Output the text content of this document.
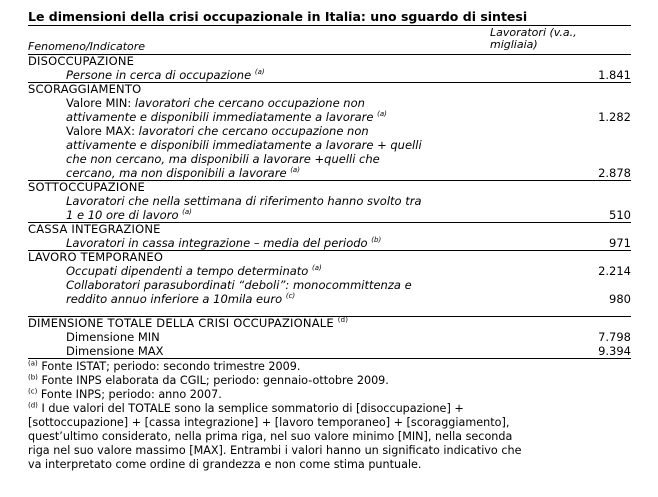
Le dimensioni della crisi occupazionale in Italia: uno sguardo di sintesi
Fenomeno/Indicatore
Lavoratori (v.a.,
migliaia)
DISOCCUPAZIONE
Persone in cerca di occupazione $^{(a)}$	1.841
SCORAGGIAMENTO
Valore MIN: lavoratori che cercano occupazione non
attivamente e disponibili immediatamente a lavorare $^{(a)}$	1.282
Valore MAX: lavoratori che cercano occupazione non
attivamente e disponibili immediatamente a lavorare + quelli
che non cercano, ma disponibili a lavorare +quelli che
cercano, ma non disponibili a lavorare $^{(a)}$	2.878
SOTTOCCUPAZIONE
Lavoratori che nella settimana di riferimento hanno svolto tra
1 e 10 ore di lavoro $^{(a)}$	510
CASSA INTEGRAZIONE
Lavoratori in cassa integrazione – media del periodo $^{(b)}$	971
LAVORO TEMPORANEO
Occupati dipendenti a tempo determinato $^{(a)}$	2.214
Collaboratori parasubordinati “deboli”: monocommittenza e
reddito annuo inferiore a 10mila euro $^{(c)}$	980
DIMENSIONE TOTALE DELLA CRISI OCCUPAZIONALE $^{(d)}$
Dimensione MIN	7.798
Dimensione MAX	9.394
$^{(a)}$ Fonte ISTAT; periodo: secondo trimestre 2009.
$^{(b)}$ Fonte INPS elaborata da CGIL; periodo: gennaio-ottobre 2009.
$^{(c)}$ Fonte INPS; periodo: anno 2007.
$^{(d)}$ I due valori del TOTALE sono la semplice sommatorio di [disoccupazione] +
[sottoccupazione] + [cassa integrazione] + [lavoro temporaneo] + [scoraggiamento],
quest’ultimo considerato, nella prima riga, nel suo valore minimo [MIN], nella seconda
riga nel suo valore massimo [MAX]. Entrambi i valori hanno un significato indicativo che
va interpretato come ordine di grandezza e non come stima puntuale.
